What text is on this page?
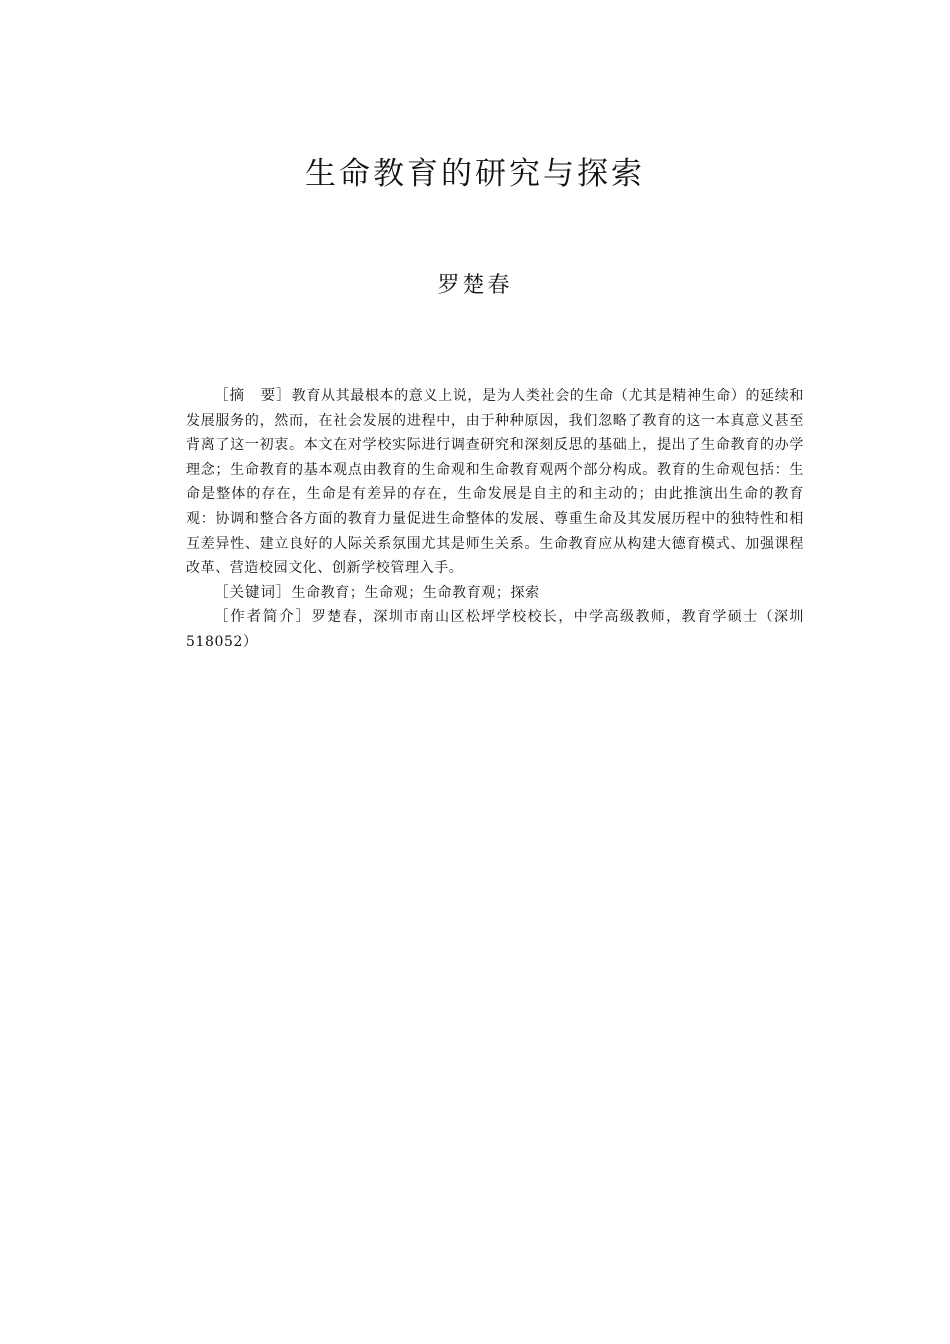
生命教育的研究与探索
罗楚春

［摘　要］教育从其最根本的意义上说，是为人类社会的生命（尤其是精神生命）的延续和发展服务的，然而，在社会发展的进程中，由于种种原因，我们忽略了教育的这一本真意义甚至背离了这一初衷。本文在对学校实际进行调查研究和深刻反思的基础上，提出了生命教育的办学理念；生命教育的基本观点由教育的生命观和生命教育观两个部分构成。教育的生命观包括：生命是整体的存在，生命是有差异的存在，生命发展是自主的和主动的；由此推演出生命的教育观：协调和整合各方面的教育力量促进生命整体的发展、尊重生命及其发展历程中的独特性和相互差异性、建立良好的人际关系氛围尤其是师生关系。生命教育应从构建大德育模式、加强课程改革、营造校园文化、创新学校管理入手。

［关键词］生命教育；生命观；生命教育观；探索

［作者简介］罗楚春，深圳市南山区松坪学校校长，中学高级教师，教育学硕士（深圳 518052）
